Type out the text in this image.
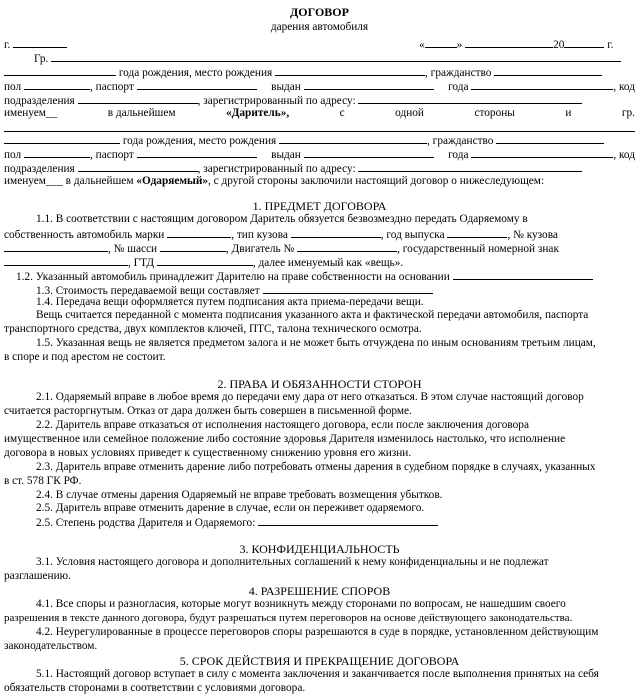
ДОГОВОР
дарения автомобиля
г.	«	»	20	г.
Гр.
года рождения, место рождения	, гражданство
пол	, паспорт	выдан	года	, код
подразделения	, зарегистрированный по адресу:
именуем__	в дальнейшем	«Даритель»,	с	одной	стороны	и	гр.
года рождения, место рождения	, гражданство
пол	, паспорт	выдан	года	, код
подразделения	, зарегистрированный по адресу:
именуем___ в дальнейшем «Одаряемый», с другой стороны заключили настоящий договор о нижеследующем:
1. ПРЕДМЕТ ДОГОВОРА
1.1. В соответствии с настоящим договором Даритель обязуется безвозмездно передать Одаряемому в
собственность автомобиль марки	, тип кузова	, год выпуска	, № кузова
, № шасси	, Двигатель №	, государственный номерной знак
, ГТД	, далее именуемый как «вещь».
1.2. Указанный автомобиль принадлежит Дарителю на праве собственности на основании
1.3. Стоимость передаваемой вещи составляет
1.4. Передача вещи оформляется путем подписания акта приема-передачи вещи.
Вещь считается переданной с момента подписания указанного акта и фактической передачи автомобиля, паспорта
транспортного средства, двух комплектов ключей, ПТС, талона технического осмотра.
1.5. Указанная вещь не является предметом залога и не может быть отчуждена по иным основаниям третьим лицам,
в споре и под арестом не состоит.
2. ПРАВА И ОБЯЗАННОСТИ СТОРОН
2.1. Одаряемый вправе в любое время до передачи ему дара от него отказаться. В этом случае настоящий договор
считается расторгнутым. Отказ от дара должен быть совершен в письменной форме.
2.2. Даритель вправе отказаться от исполнения настоящего договора, если после заключения договора
имущественное или семейное положение либо состояние здоровья Дарителя изменилось настолько, что исполнение
договора в новых условиях приведет к существенному снижению уровня его жизни.
2.3. Даритель вправе отменить дарение либо потребовать отмены дарения в судебном порядке в случаях, указанных
в ст. 578 ГК РФ.
2.4. В случае отмены дарения Одаряемый не вправе требовать возмещения убытков.
2.5. Даритель вправе отменить дарение в случае, если он переживет одаряемого.
2.5. Степень родства Дарителя и Одаряемого:
3. КОНФИДЕНЦИАЛЬНОСТЬ
3.1. Условия настоящего договора и дополнительных соглашений к нему конфиденциальны и не подлежат
разглашению.
4. РАЗРЕШЕНИЕ СПОРОВ
4.1. Все споры и разногласия, которые могут возникнуть между сторонами по вопросам, не нашедшим своего
разрешения в тексте данного договора, будут разрешаться путем переговоров на основе действующего законодательства.
4.2. Неурегулированные в процессе переговоров споры разрешаются в суде в порядке, установленном действующим
законодательством.
5. СРОК ДЕЙСТВИЯ И ПРЕКРАЩЕНИЕ ДОГОВОРА
5.1. Настоящий договор вступает в силу с момента заключения и заканчивается после выполнения принятых на себя
обязательств сторонами в соответствии с условиями договора.
